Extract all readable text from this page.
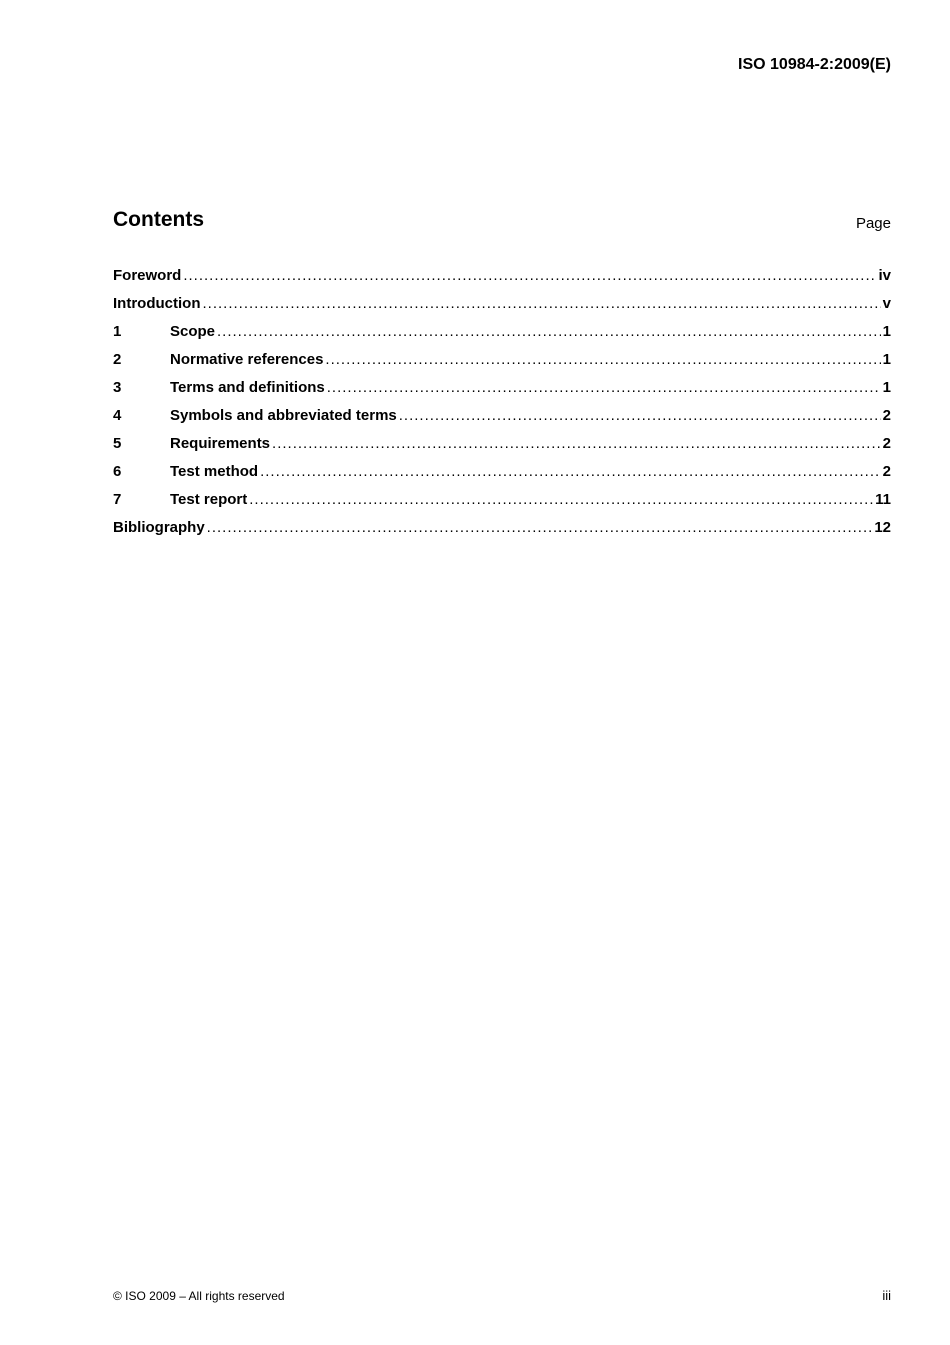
ISO 10984-2:2009(E)
Contents	Page
Foreword .....	iv
Introduction .....	v
1	Scope .....	1
2	Normative references .....	1
3	Terms and definitions .....	1
4	Symbols and abbreviated terms .....	2
5	Requirements .....	2
6	Test method .....	2
7	Test report .....	11
Bibliography .....	12
© ISO 2009 – All rights reserved	iii
